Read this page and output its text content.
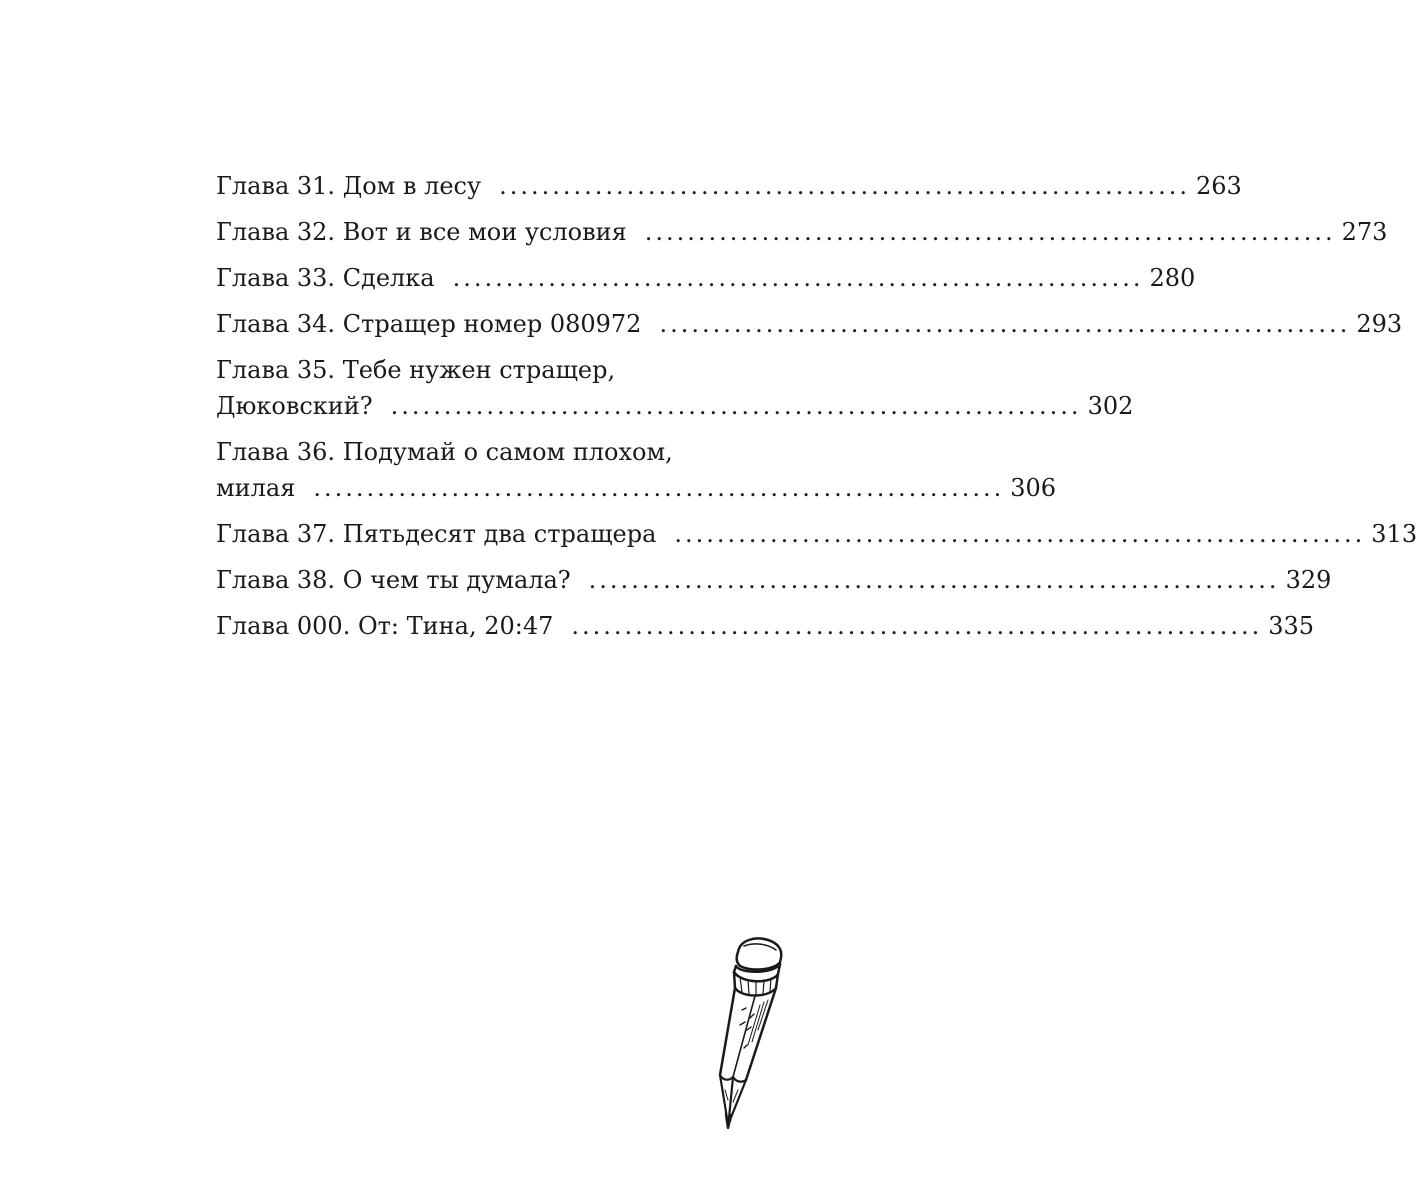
Глава 31. Дом в лесу ................................................................. 263
Глава 32. Вот и все мои условия ................................................................. 273
Глава 33. Сделка ................................................................. 280
Глава 34. Стращер номер 080972 ................................................................. 293
Глава 35. Тебе нужен стращер,
Дюковский? ................................................................. 302
Глава 36. Подумай о самом плохом,
милая ................................................................. 306
Глава 37. Пятьдесят два стращера ................................................................. 313
Глава 38. О чем ты думала? ................................................................. 329
Глава 000. От: Тина, 20:47 ................................................................. 335
